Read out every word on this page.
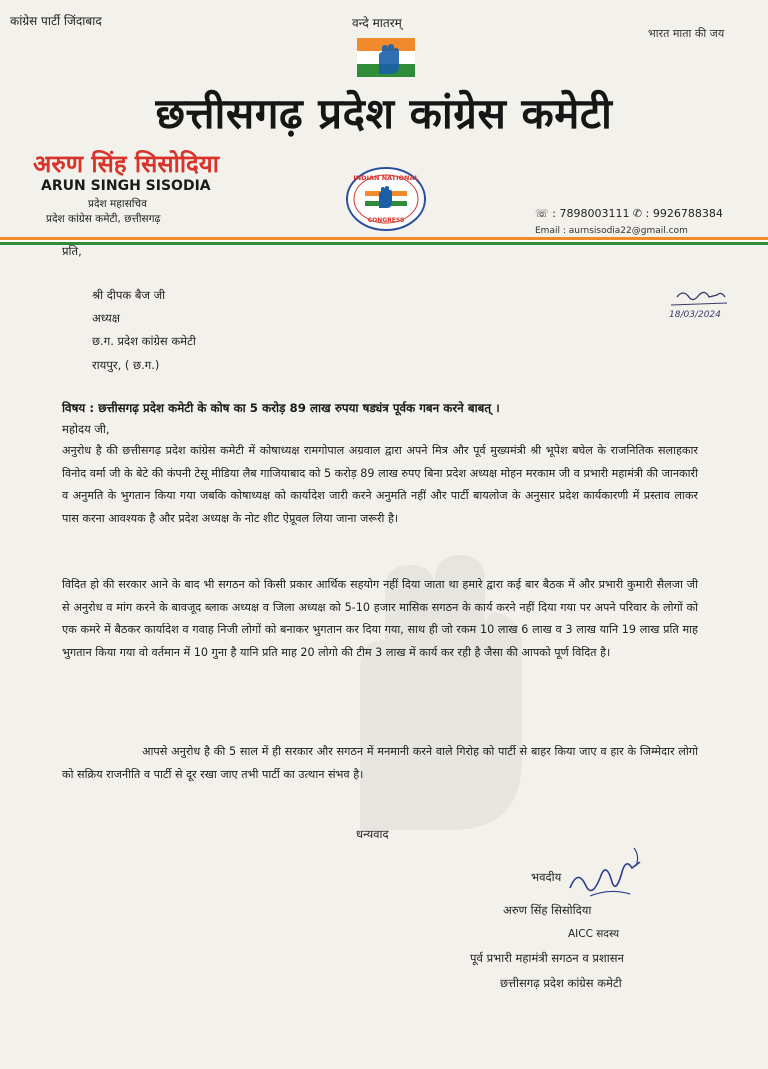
कांग्रेस पार्टी जिंदाबाद	वन्दे मातरम्
भारत माता की जय
छत्तीसगढ़ प्रदेश कांग्रेस कमेटी
अरुण सिंह सिसोदिया
ARUN SINGH SISODIA
प्रदेश महासचिव
प्रदेश कांग्रेस कमेटी, छत्तीसगढ़
INDIAN NATIONAL
CONGRESS
☏ : 7898003111 ✆ : 9926788384
Email : aurnsisodia22@gmail.com
प्रति,
श्री दीपक बैज जी
अध्यक्ष
छ.ग. प्रदेश कांग्रेस कमेटी
रायपुर, ( छ.ग.)
18/03/2024
विषय : छत्तीसगढ़ प्रदेश कमेटी के कोष का 5 करोड़ 89 लाख रुपया षड्यंत्र पूर्वक गबन करने बाबत् ।
महोदय जी,
अनुरोध है की छत्तीसगढ़ प्रदेश कांग्रेस कमेटी में कोषाध्यक्ष रामगोपाल अग्रवाल द्वारा अपने मित्र और पूर्व मुख्यमंत्री श्री भूपेश बघेल के राजनितिक सलाहकार विनोद वर्मा जी के बेटे की कंपनी टेसू मीडिया लैब गाजियाबाद को 5 करोड़ 89 लाख रुपए बिना प्रदेश अध्यक्ष मोहन मरकाम जी व प्रभारी महामंत्री की जानकारी व अनुमति के भुगतान किया गया जबकि कोषाध्यक्ष को कार्यादेश जारी करने अनुमति नहीं और पार्टी बायलोज के अनुसार प्रदेश कार्यकारणी में प्रस्ताव लाकर पास करना आवश्यक है और प्रदेश अध्यक्ष के नोट शीट ऐप्रूवल लिया जाना जरूरी है।
विदित हो की सरकार आने के बाद भी सगठन को किसी प्रकार आर्थिक सहयोग नहीं दिया जाता था हमारे द्वारा कई बार बैठक में और प्रभारी कुमारी सैलजा जी से अनुरोध व मांग करने के बावजूद ब्लाक अध्यक्ष व जिला अध्यक्ष को 5-10 हजार मासिक सगठन के कार्य करने नहीं दिया गया पर अपने परिवार के लोगों को एक कमरे में बैठकर कार्यादेश व गवाह निजी लोगों को बनाकर भुगतान कर दिया गया, साथ ही जो रकम 10 लाख 6 लाख व 3 लाख यानि 19 लाख प्रति माह भुगतान किया गया वो वर्तमान में 10 गुना है यानि प्रति माह 20 लोगो की टीम 3 लाख में कार्य कर रही है जैसा की आपको पूर्ण विदित है।
आपसे अनुरोध है की 5 साल में ही सरकार और सगठन में मनमानी करने वाले गिरोह को पार्टी से बाहर किया जाए व हार के जिम्मेदार लोगो को सक्रिय राजनीति व पार्टी से दूर रखा जाए तभी पार्टी का उत्थान संभव है।
धन्यवाद
भवदीय
अरुण सिंह सिसोदिया
AICC सदस्य
पूर्व प्रभारी महामंत्री सगठन व प्रशासन
छत्तीसगढ़ प्रदेश कांग्रेस कमेटी
